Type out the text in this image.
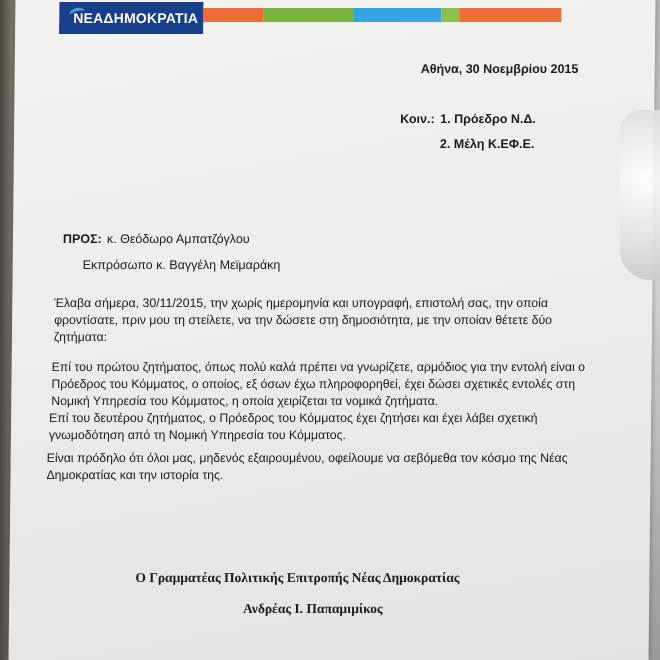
ΝΕΑΔΗΜΟΚΡΑΤΙΑ
Αθήνα, 30 Νοεμβρίου 2015
Κοιν.: 1. Πρόεδρο Ν.Δ.
2. Μέλη Κ.ΕΦ.Ε.
ΠΡΟΣ: κ. Θεόδωρο Αμπατζόγλου
Εκπρόσωπο κ. Βαγγέλη Μεϊμαράκη
Έλαβα σήμερα, 30/11/2015, την χωρίς ημερομηνία και υπογραφή, επιστολή σας, την οποία
φροντίσατε, πριν μου τη στείλετε, να την δώσετε στη δημοσιότητα, με την οποίαν θέτετε δύο
ζητήματα:
Επί του πρώτου ζητήματος, όπως πολύ καλά πρέπει να γνωρίζετε, αρμόδιος για την εντολή είναι ο
Πρόεδρος του Κόμματος, ο οποίος, εξ όσων έχω πληροφορηθεί, έχει δώσει σχετικές εντολές στη
Νομική Υπηρεσία του Κόμματος, η οποία χειρίζεται τα νομικά ζητήματα.
Επί του δευτέρου ζητήματος, ο Πρόεδρος του Κόμματος έχει ζητήσει και έχει λάβει σχετική
γνωμοδότηση από τη Νομική Υπηρεσία του Κόμματος.
Είναι πρόδηλο ότι όλοι μας, μηδενός εξαιρουμένου, οφείλουμε να σεβόμεθα τον κόσμο της Νέας
Δημοκρατίας και την ιστορία της.
Ο Γραμματέας Πολιτικής Επιτροπής Νέας Δημοκρατίας
Ανδρέας Ι. Παπαμιμίκος
